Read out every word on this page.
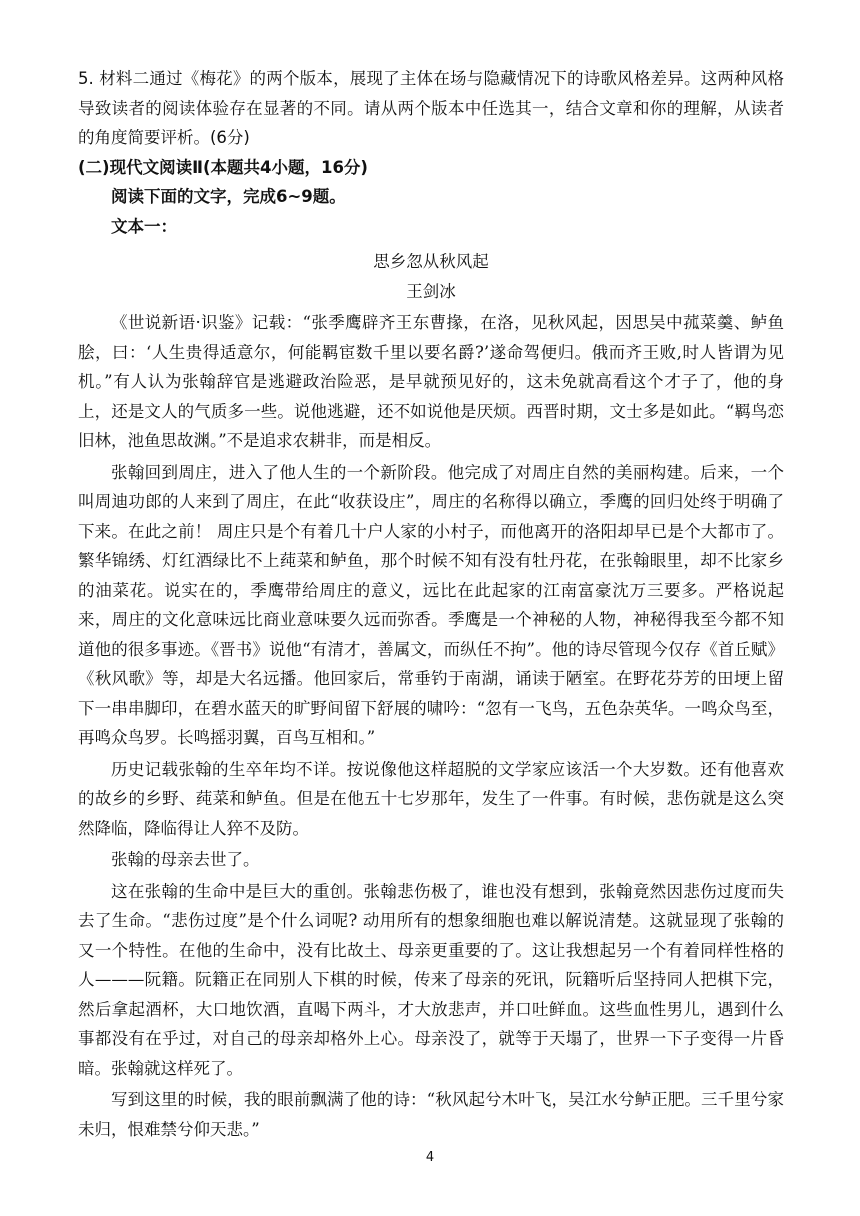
5. 材料二通过《梅花》的两个版本，展现了主体在场与隐藏情况下的诗歌风格差异。这两种风格导致读者的阅读体验存在显著的不同。请从两个版本中任选其一，结合文章和你的理解，从读者的角度简要评析。(6分)

(二)现代文阅读Ⅱ(本题共4小题，16分)

阅读下面的文字，完成6~9题。

文本一：

思乡忽从秋风起

王剑冰

《世说新语·识鉴》记载：“张季鹰辟齐王东曹掾，在洛，见秋风起，因思吴中菰菜羹、鲈鱼脍，曰：‘人生贵得适意尔，何能羁宦数千里以要名爵?’遂命驾便归。俄而齐王败,时人皆谓为见机。”有人认为张翰辞官是逃避政治险恶，是早就预见好的，这未免就高看这个才子了，他的身上，还是文人的气质多一些。说他逃避，还不如说他是厌烦。西晋时期，文士多是如此。“羁鸟恋旧林，池鱼思故渊。”不是追求农耕非，而是相反。

张翰回到周庄，进入了他人生的一个新阶段。他完成了对周庄自然的美丽构建。后来，一个叫周迪功郎的人来到了周庄，在此“收获设庄”，周庄的名称得以确立，季鹰的回归处终于明确了下来。在此之前！ 周庄只是个有着几十户人家的小村子，而他离开的洛阳却早已是个大都市了。繁华锦绣、灯红酒绿比不上莼菜和鲈鱼，那个时候不知有没有牡丹花，在张翰眼里，却不比家乡的油菜花。说实在的，季鹰带给周庄的意义，远比在此起家的江南富豪沈万三要多。严格说起来，周庄的文化意味远比商业意味要久远而弥香。季鹰是一个神秘的人物，神秘得我至今都不知道他的很多事迹。《晋书》说他“有清才，善属文，而纵任不拘”。他的诗尽管现今仅存《首丘赋》《秋风歌》等，却是大名远播。他回家后，常垂钓于南湖，诵读于陋室。在野花芬芳的田埂上留下一串串脚印，在碧水蓝天的旷野间留下舒展的啸吟：“忽有一飞鸟，五色杂英华。一鸣众鸟至，再鸣众鸟罗。长鸣摇羽翼，百鸟互相和。”

历史记载张翰的生卒年均不详。按说像他这样超脱的文学家应该活一个大岁数。还有他喜欢的故乡的乡野、莼菜和鲈鱼。但是在他五十七岁那年，发生了一件事。有时候，悲伤就是这么突然降临，降临得让人猝不及防。

张翰的母亲去世了。

这在张翰的生命中是巨大的重创。张翰悲伤极了，谁也没有想到，张翰竟然因悲伤过度而失去了生命。“悲伤过度”是个什么词呢? 动用所有的想象细胞也难以解说清楚。这就显现了张翰的又一个特性。在他的生命中，没有比故土、母亲更重要的了。这让我想起另一个有着同样性格的人———阮籍。阮籍正在同别人下棋的时候，传来了母亲的死讯，阮籍听后坚持同人把棋下完，然后拿起酒杯，大口地饮酒，直喝下两斗，才大放悲声，并口吐鲜血。这些血性男儿，遇到什么事都没有在乎过，对自己的母亲却格外上心。母亲没了，就等于天塌了，世界一下子变得一片昏暗。张翰就这样死了。

写到这里的时候，我的眼前飘满了他的诗：“秋风起兮木叶飞，吴江水兮鲈正肥。三千里兮家未归，恨难禁兮仰天悲。”

4
